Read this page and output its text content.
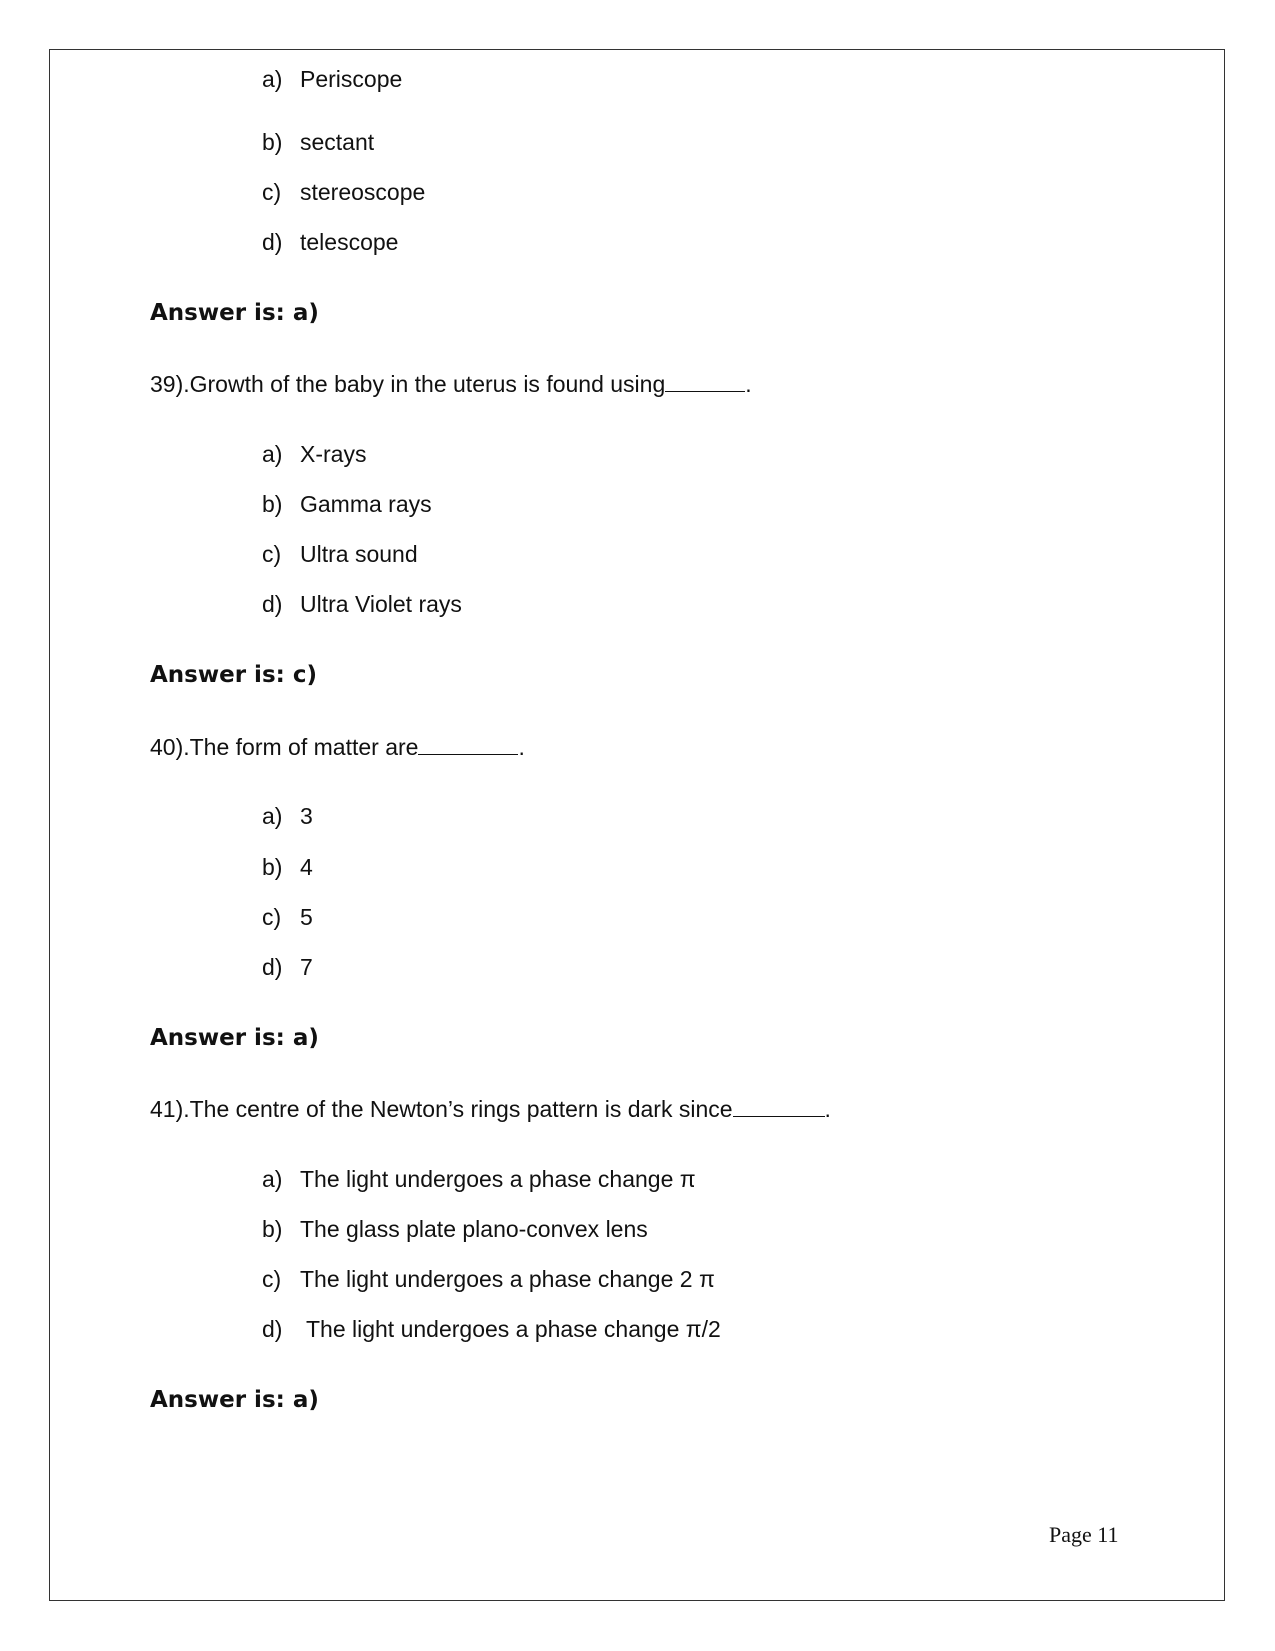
a) Periscope
b) sectant
c) stereoscope
d) telescope
Answer is: a)
39).Growth of the baby in the uterus is found using	.
a) X-rays
b) Gamma rays
c) Ultra sound
d) Ultra Violet rays
Answer is: c)
40).The form of matter are	.
a) 3
b) 4
c) 5
d) 7
Answer is: a)
41).The centre of the Newton’s rings pattern is dark since	.
a) The light undergoes a phase change π
b) The glass plate plano-convex lens
c) The light undergoes a phase change 2 π
d) The light undergoes a phase change π/2
Answer is: a)
Page 11
